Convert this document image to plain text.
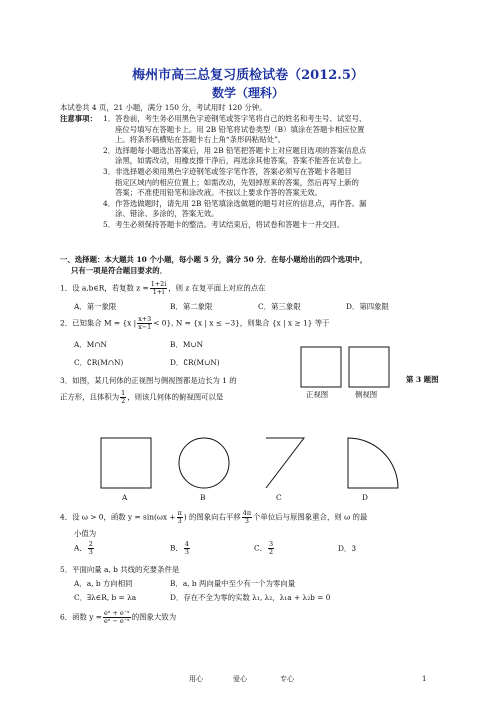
梅州市高三总复习质检试卷（2012.5）
数学（理科）
本试卷共 4 页，21 小题，满分 150 分，考试用时 120 分钟。
注意事项： 1．答卷前，考生务必用黑色字迹钢笔或签字笔将自己的姓名和考生号、试室号、
座位号填写在答题卡上。用 2B 铅笔将试卷类型（B）填涂在答题卡相应位置
上。将条形码横贴在答题卡右上角“条形码粘贴处”。
2．选择题每小题选出答案后，用 2B 铅笔把答题卡上对应题目选项的答案信息点
涂黑，如需改动，用橡皮擦干净后，再选涂其他答案，答案不能答在试卷上。
3．非选择题必须用黑色字迹钢笔或签字笔作答，答案必须写在答题卡各题目
指定区域内的相应位置上；如需改动，先划掉原来的答案，然后再写上新的
答案；不准使用铅笔和涂改液。不按以上要求作答的答案无效。
4．作答选做题时，请先用 2B 铅笔填涂选做题的题号对应的信息点，再作答。漏
涂、错涂、多涂的，答案无效。
5．考生必须保持答题卡的整洁。考试结束后，将试卷和答题卡一并交回。
一、选择题：本大题共 10 个小题，每小题 5 分，满分 50 分．在每小题给出的四个选项中，
只有一项是符合题目要求的．
1．设 a,b∈R，若复数 $z = \frac{1+2i}{1+i}$ ，则 z 在复平面上对应的点在
A．第一象限	B．第二象限	C．第三象限	D．第四象限
2．已知集合 M = {x | $\frac{x+3}{x-1} < 0$}, N = {x | x ≤ −3}，则集合 {x | x ≥ 1} 等于
A．M∩N	B．M∪N
C．∁R(M∩N)	D．∁R(M∪N)
3．如图，某几何体的正视图与侧视图都是边长为 1 的
正方形，且体积为 $\frac{1}{2}$ ，则该几何体的俯视图可以是	正视图	侧视图
第 3 题图
A	B	C	D
4．设 ω > 0，函数 $y = \sin(\omega x + \frac{\pi}{3}$ ) 的图象向右平移 $\frac{4\pi}{3}$ 个单位后与原图象重合，则 ω 的最
小值为
A． $\frac{2}{3}$	B． $\frac{4}{3}$	C． $\frac{3}{2}$	D．3
5．平面向量 a, b 共线的充要条件是
A．a, b 方向相同	B．a, b 两向量中至少有一个为零向量
C．∃λ∈R, b = λa	D．存在不全为零的实数 λ₁, λ₂，λ₁a + λ₂b = 0
6．函数 $y = \frac{\text{eˣ + e⁻ˣ}}{\text{eˣ − e⁻ˣ}}$ 的图象大致为
用心	爱心	专心	1
